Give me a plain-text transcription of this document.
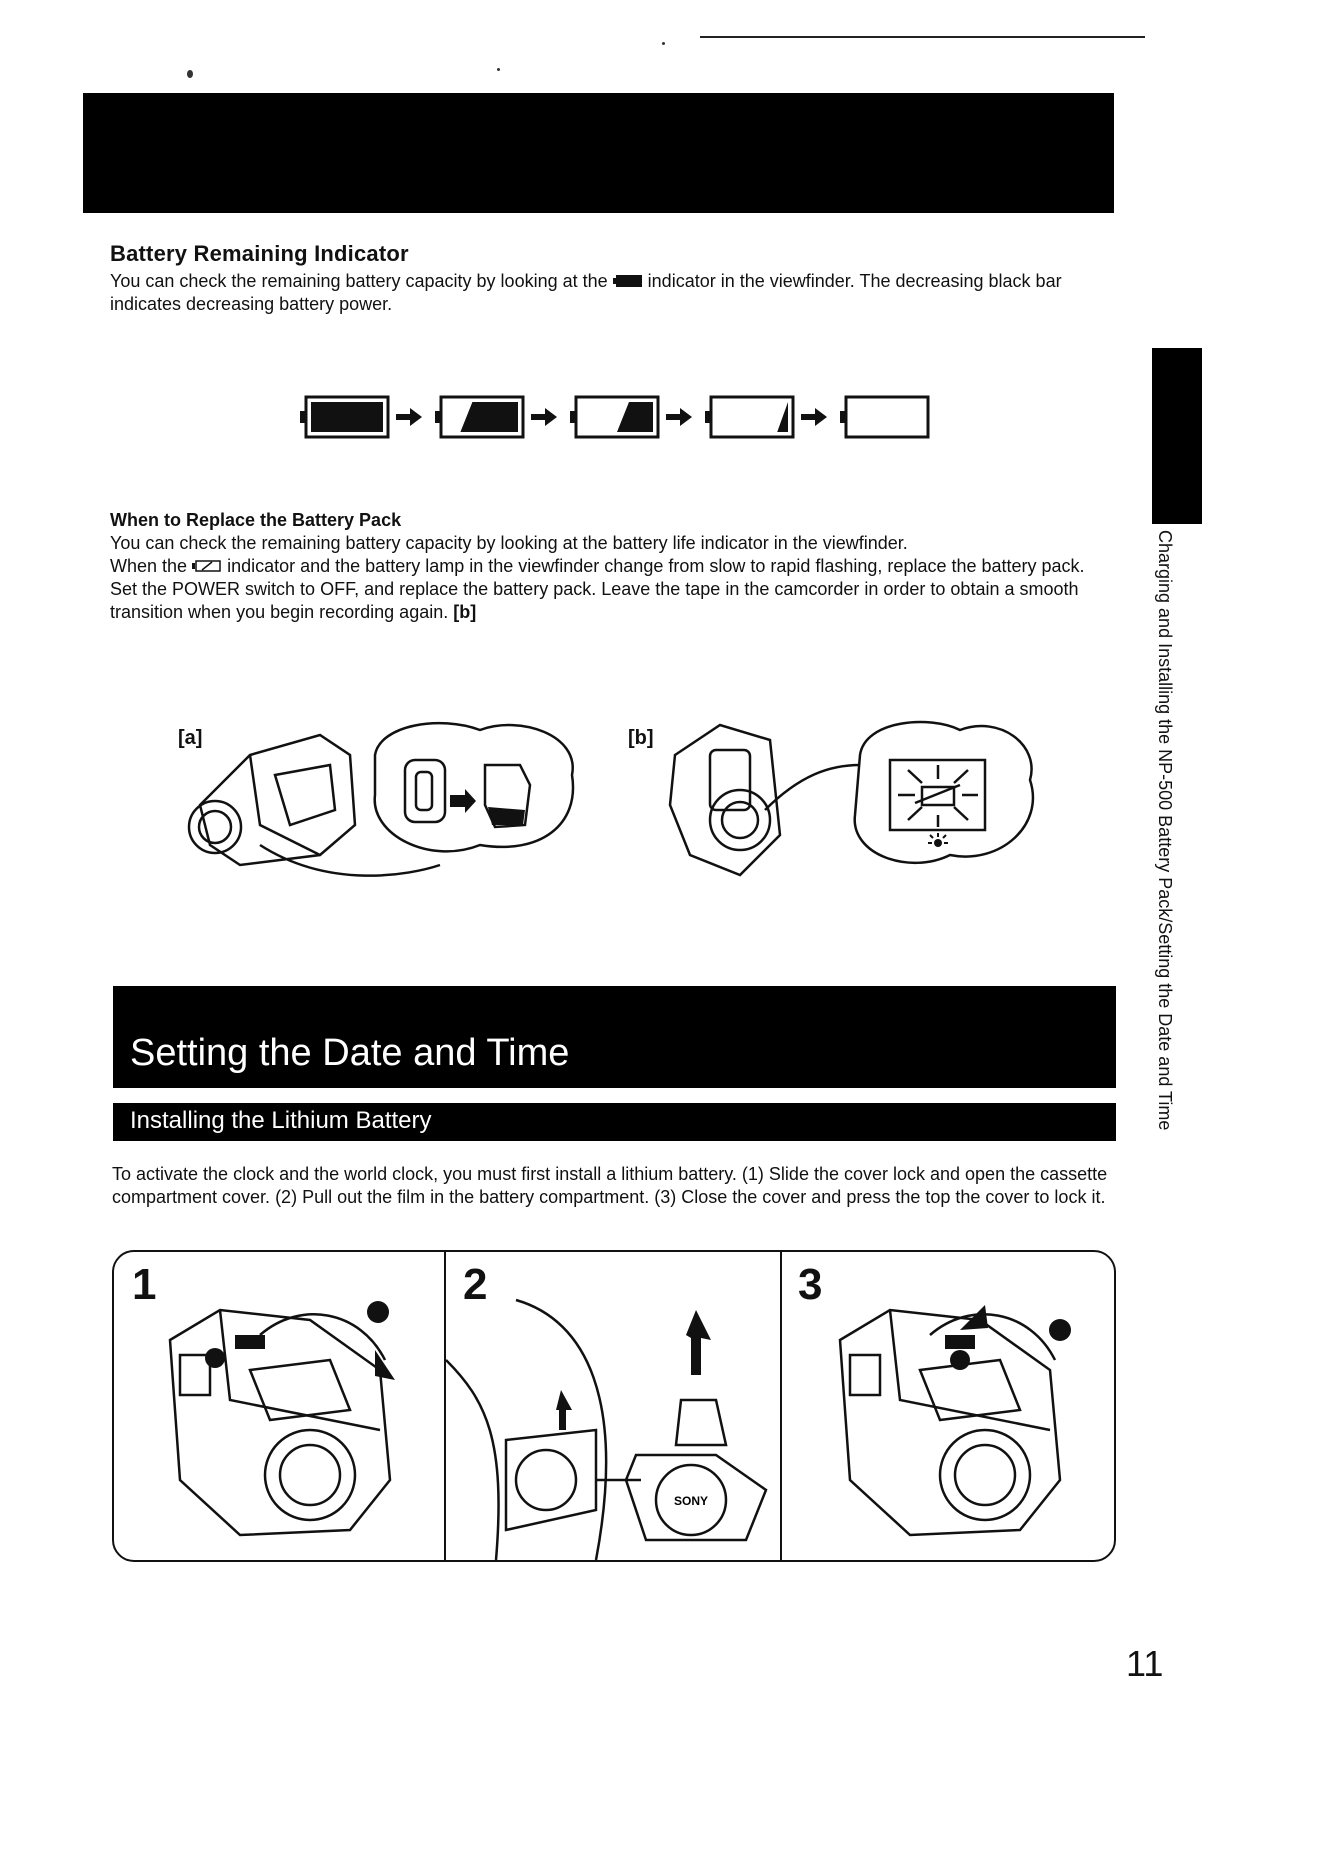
Battery Remaining Indicator
You can check the remaining battery capacity by looking at the indicator in the viewfinder. The decreasing black bar indicates decreasing battery power.
Charging and Installing the NP-500 Battery Pack/Setting the Date and Time
When to Replace the Battery Pack
You can check the remaining battery capacity by looking at the battery life indicator in the viewfinder.
When the indicator and the battery lamp in the viewfinder change from slow to rapid flashing, replace the battery pack. Set the POWER switch to OFF, and replace the battery pack. Leave the tape in the camcorder in order to obtain a smooth transition when you begin recording again. [b]
[a]	[b]
Setting the Date and Time
Installing the Lithium Battery
To activate the clock and the world clock, you must first install a lithium battery. (1) Slide the cover lock and open the cassette compartment cover. (2) Pull out the film in the battery compartment. (3) Close the cover and press the top the cover to lock it.
1	2	3
SONY
11
